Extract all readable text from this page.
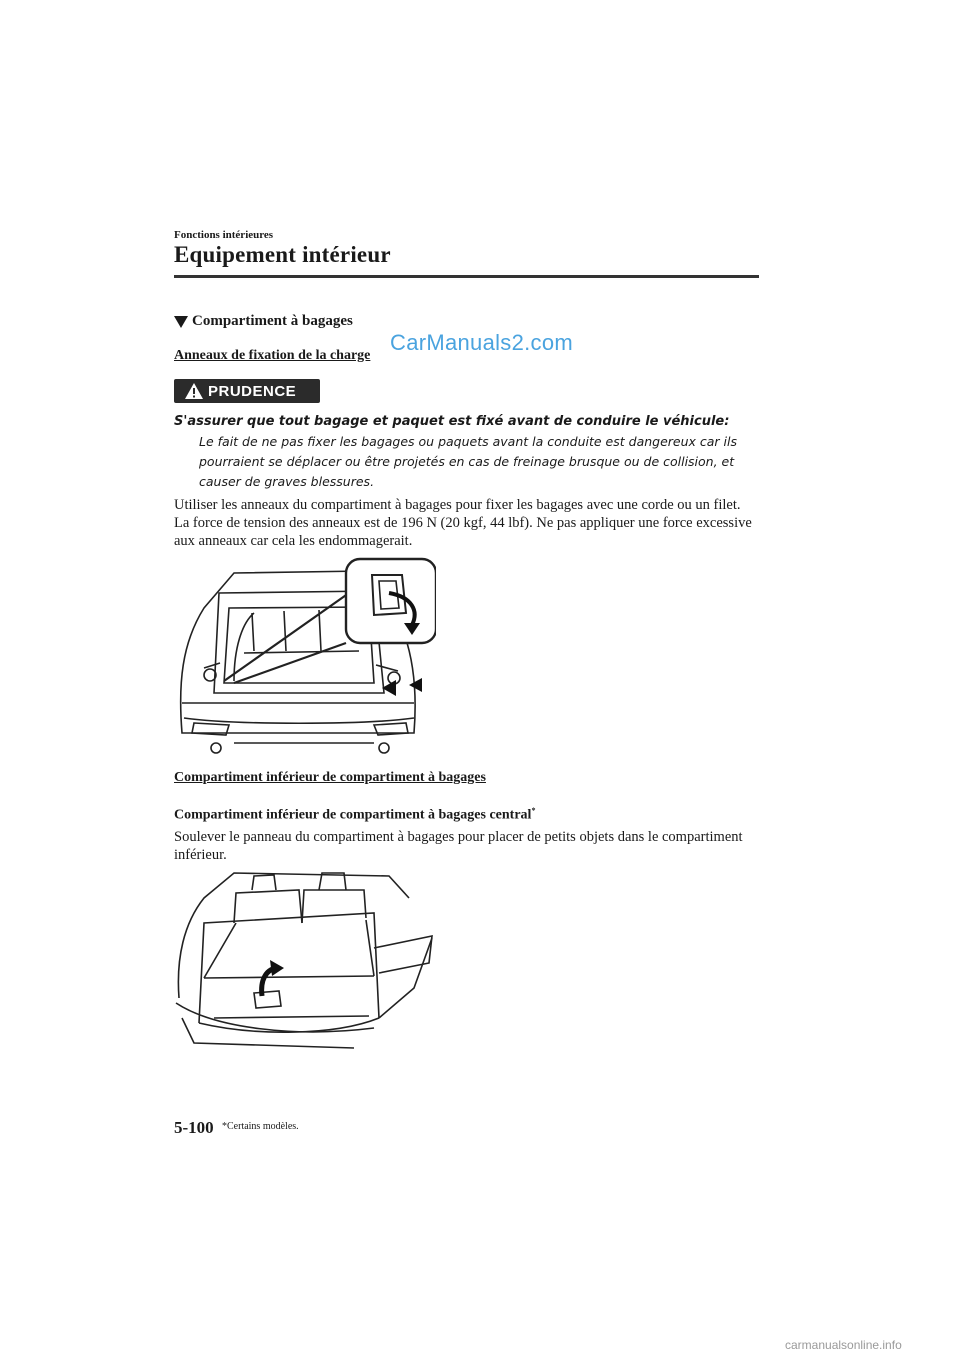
Fonctions intérieures
Equipement intérieur
Compartiment à bagages
Anneaux de fixation de la charge
CarManuals2.com
PRUDENCE
S'assurer que tout bagage et paquet est fixé avant de conduire le véhicule:
Le fait de ne pas fixer les bagages ou paquets avant la conduite est dangereux car ils pourraient se déplacer ou être projetés en cas de freinage brusque ou de collision, et causer de graves blessures.
Utiliser les anneaux du compartiment à bagages pour fixer les bagages avec une corde ou un filet. La force de tension des anneaux est de 196 N (20 kgf, 44 lbf). Ne pas appliquer une force excessive aux anneaux car cela les endommagerait.
Compartiment inférieur de compartiment à bagages
Compartiment inférieur de compartiment à bagages central*
Soulever le panneau du compartiment à bagages pour placer de petits objets dans le compartiment inférieur.
5-100 *Certains modèles.
carmanualsonline.info
